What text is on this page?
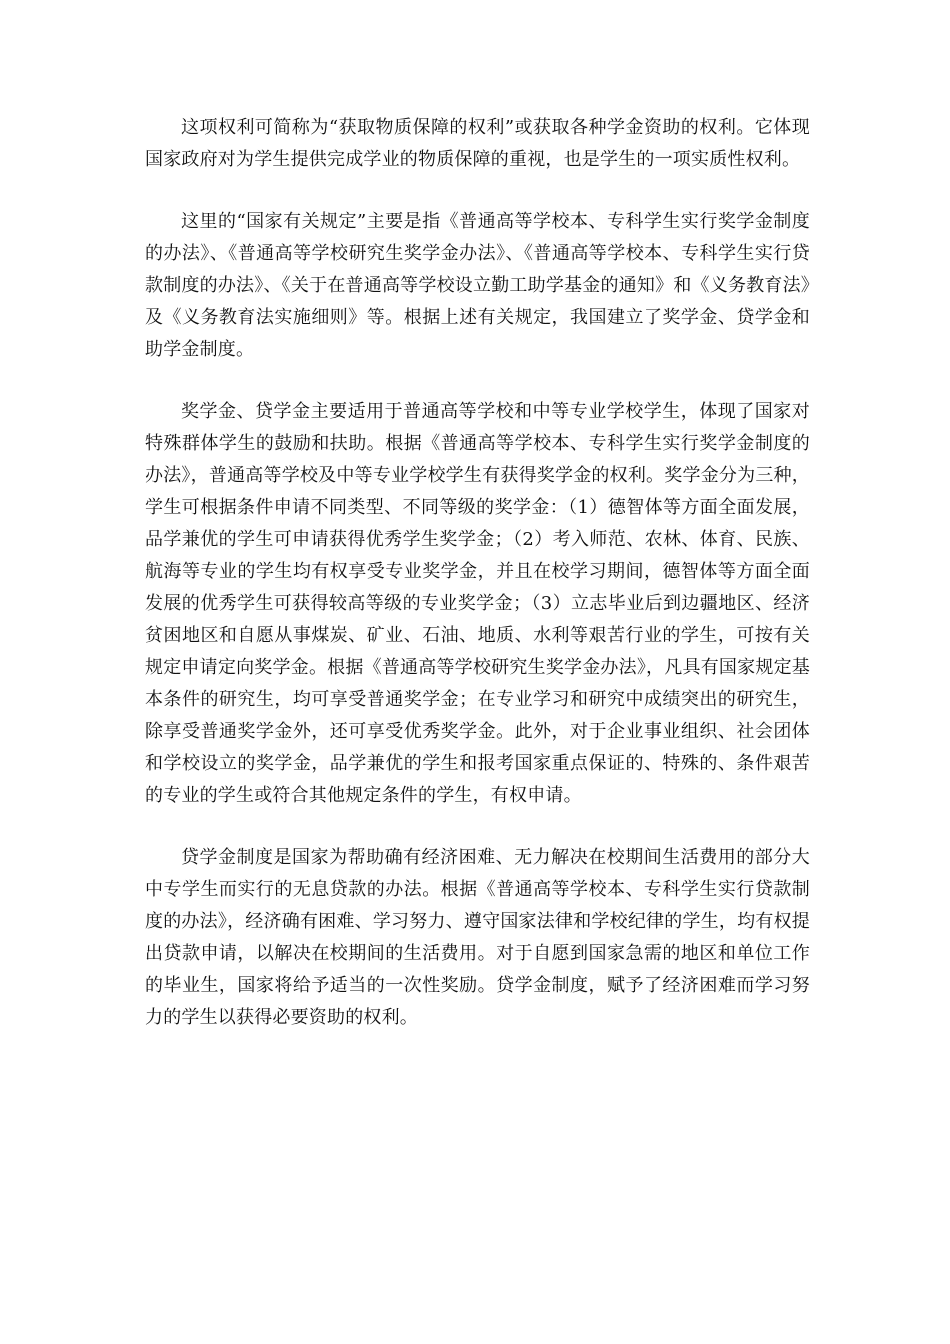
这项权利可简称为“获取物质保障的权利”或获取各种学金资助的权利。它体现国家政府对为学生提供完成学业的物质保障的重视，也是学生的一项实质性权利。

这里的“国家有关规定”主要是指《普通高等学校本、专科学生实行奖学金制度的办法》、《普通高等学校研究生奖学金办法》、《普通高等学校本、专科学生实行贷款制度的办法》、《关于在普通高等学校设立勤工助学基金的通知》和《义务教育法》及《义务教育法实施细则》等。根据上述有关规定，我国建立了奖学金、贷学金和助学金制度。

奖学金、贷学金主要适用于普通高等学校和中等专业学校学生，体现了国家对特殊群体学生的鼓励和扶助。根据《普通高等学校本、专科学生实行奖学金制度的办法》，普通高等学校及中等专业学校学生有获得奖学金的权利。奖学金分为三种，学生可根据条件申请不同类型、不同等级的奖学金：（1）德智体等方面全面发展，品学兼优的学生可申请获得优秀学生奖学金；（2）考入师范、农林、体育、民族、航海等专业的学生均有权享受专业奖学金，并且在校学习期间，德智体等方面全面发展的优秀学生可获得较高等级的专业奖学金；（3）立志毕业后到边疆地区、经济贫困地区和自愿从事煤炭、矿业、石油、地质、水利等艰苦行业的学生，可按有关规定申请定向奖学金。根据《普通高等学校研究生奖学金办法》，凡具有国家规定基本条件的研究生，均可享受普通奖学金；在专业学习和研究中成绩突出的研究生，除享受普通奖学金外，还可享受优秀奖学金。此外，对于企业事业组织、社会团体和学校设立的奖学金，品学兼优的学生和报考国家重点保证的、特殊的、条件艰苦的专业的学生或符合其他规定条件的学生，有权申请。

贷学金制度是国家为帮助确有经济困难、无力解决在校期间生活费用的部分大中专学生而实行的无息贷款的办法。根据《普通高等学校本、专科学生实行贷款制度的办法》，经济确有困难、学习努力、遵守国家法律和学校纪律的学生，均有权提出贷款申请，以解决在校期间的生活费用。对于自愿到国家急需的地区和单位工作的毕业生，国家将给予适当的一次性奖励。贷学金制度，赋予了经济困难而学习努力的学生以获得必要资助的权利。
